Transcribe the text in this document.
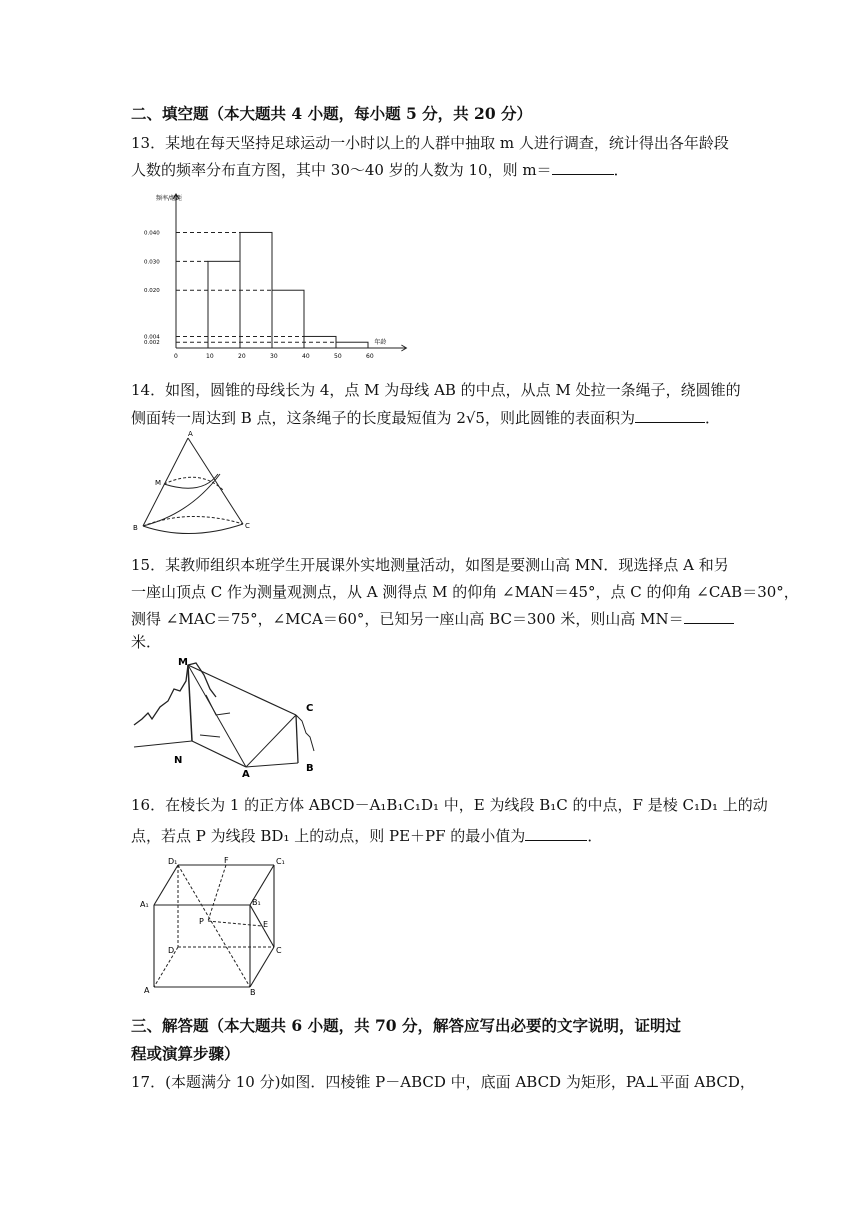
二、填空题（本大题共 4 小题，每小题 5 分，共 20 分）
13．某地在每天坚持足球运动一小时以上的人群中抽取 m 人进行调查，统计得出各年龄段
人数的频率分布直方图，其中 30～40 岁的人数为 10，则 m＝	．
频率/组距
年龄
0.040
0.030
0.020
0.004
0.002
0	10	20	30	40	50	60
14．如图，圆锥的母线长为 4，点 M 为母线 AB 的中点，从点 M 处拉一条绳子，绕圆锥的
侧面转一周达到 B 点，这条绳子的长度最短值为 2√5，则此圆锥的表面积为	．
A
M
B	C
15．某教师组织本班学生开展课外实地测量活动，如图是要测山高 MN．现选择点 A 和另
一座山顶点 C 作为测量观测点，从 A 测得点 M 的仰角 ∠MAN＝45°，点 C 的仰角 ∠CAB＝30°，
测得 ∠MAC＝75°，∠MCA＝60°，已知另一座山高 BC＝300 米，则山高 MN＝
米．
M
C
N
A
B
16．在棱长为 1 的正方体 ABCD－A₁B₁C₁D₁ 中，E 为线段 B₁C 的中点，F 是棱 C₁D₁ 上的动
点，若点 P 为线段 BD₁ 上的动点，则 PE＋PF 的最小值为	．
D₁	F	C₁
A₁	B₁
P	E
D	C
A	B
三、解答题（本大题共 6 小题，共 70 分，解答应写出必要的文字说明，证明过
程或演算步骤）
17．(本题满分 10 分)如图．四棱锥 P－ABCD 中，底面 ABCD 为矩形，PA⊥平面 ABCD，
